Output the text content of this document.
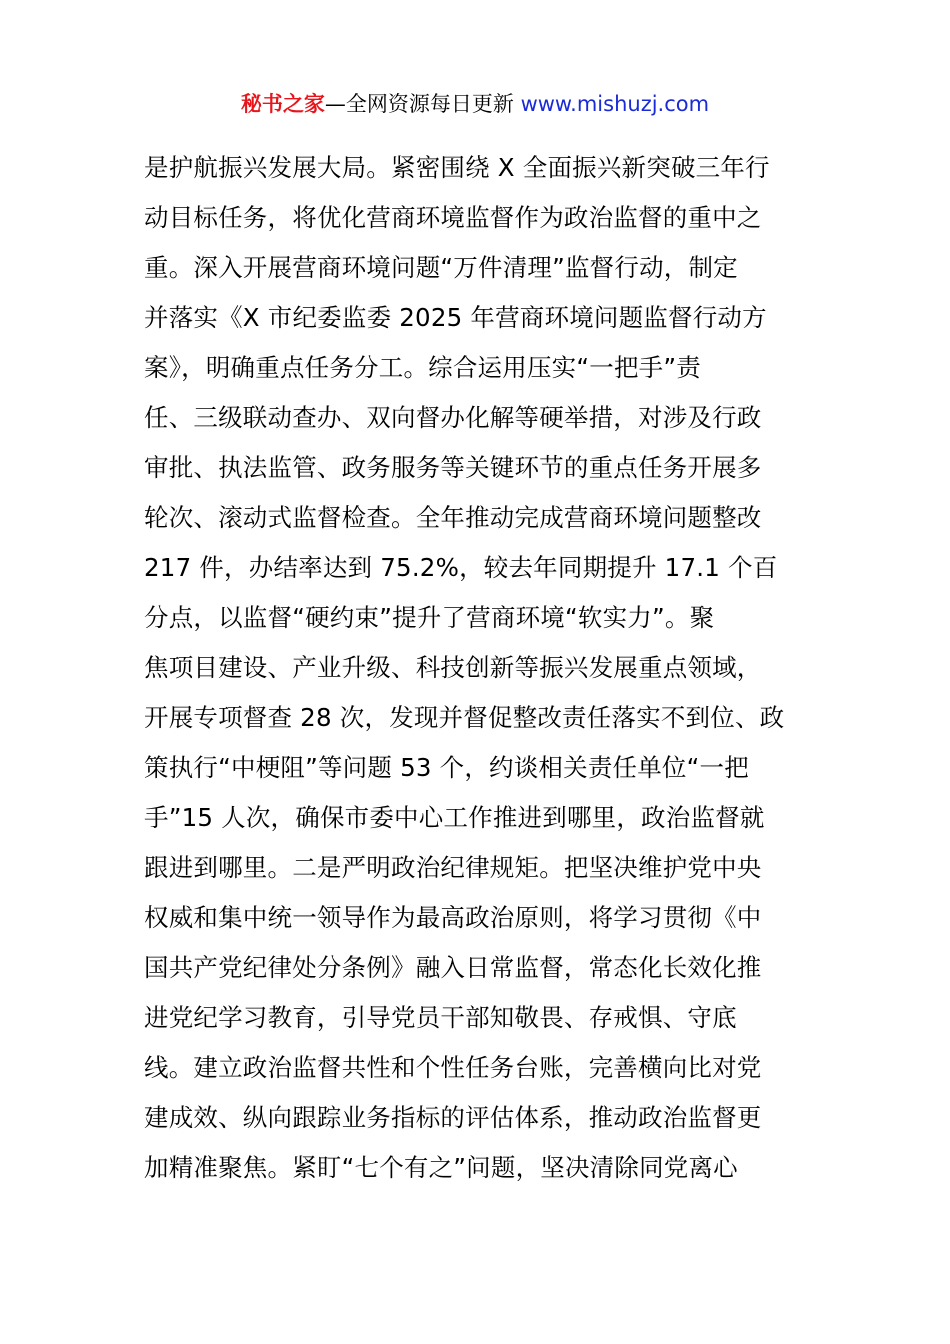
秘书之家—全网资源每日更新 www.mishuzj.com
是护航振兴发展大局。紧密围绕 X 全面振兴新突破三年行
动目标任务，将优化营商环境监督作为政治监督的重中之
重。深入开展营商环境问题“万件清理”监督行动，制定
并落实《X 市纪委监委 2025 年营商环境问题监督行动方
案》，明确重点任务分工。综合运用压实“一把手”责
任、三级联动查办、双向督办化解等硬举措，对涉及行政
审批、执法监管、政务服务等关键环节的重点任务开展多
轮次、滚动式监督检查。全年推动完成营商环境问题整改
217 件，办结率达到 75.2%，较去年同期提升 17.1 个百
分点，以监督“硬约束”提升了营商环境“软实力”。聚
焦项目建设、产业升级、科技创新等振兴发展重点领域，
开展专项督查 28 次，发现并督促整改责任落实不到位、政
策执行“中梗阻”等问题 53 个，约谈相关责任单位“一把
手”15 人次，确保市委中心工作推进到哪里，政治监督就
跟进到哪里。二是严明政治纪律规矩。把坚决维护党中央
权威和集中统一领导作为最高政治原则，将学习贯彻《中
国共产党纪律处分条例》融入日常监督，常态化长效化推
进党纪学习教育，引导党员干部知敬畏、存戒惧、守底
线。建立政治监督共性和个性任务台账，完善横向比对党
建成效、纵向跟踪业务指标的评估体系，推动政治监督更
加精准聚焦。紧盯“七个有之”问题，坚决清除同党离心
